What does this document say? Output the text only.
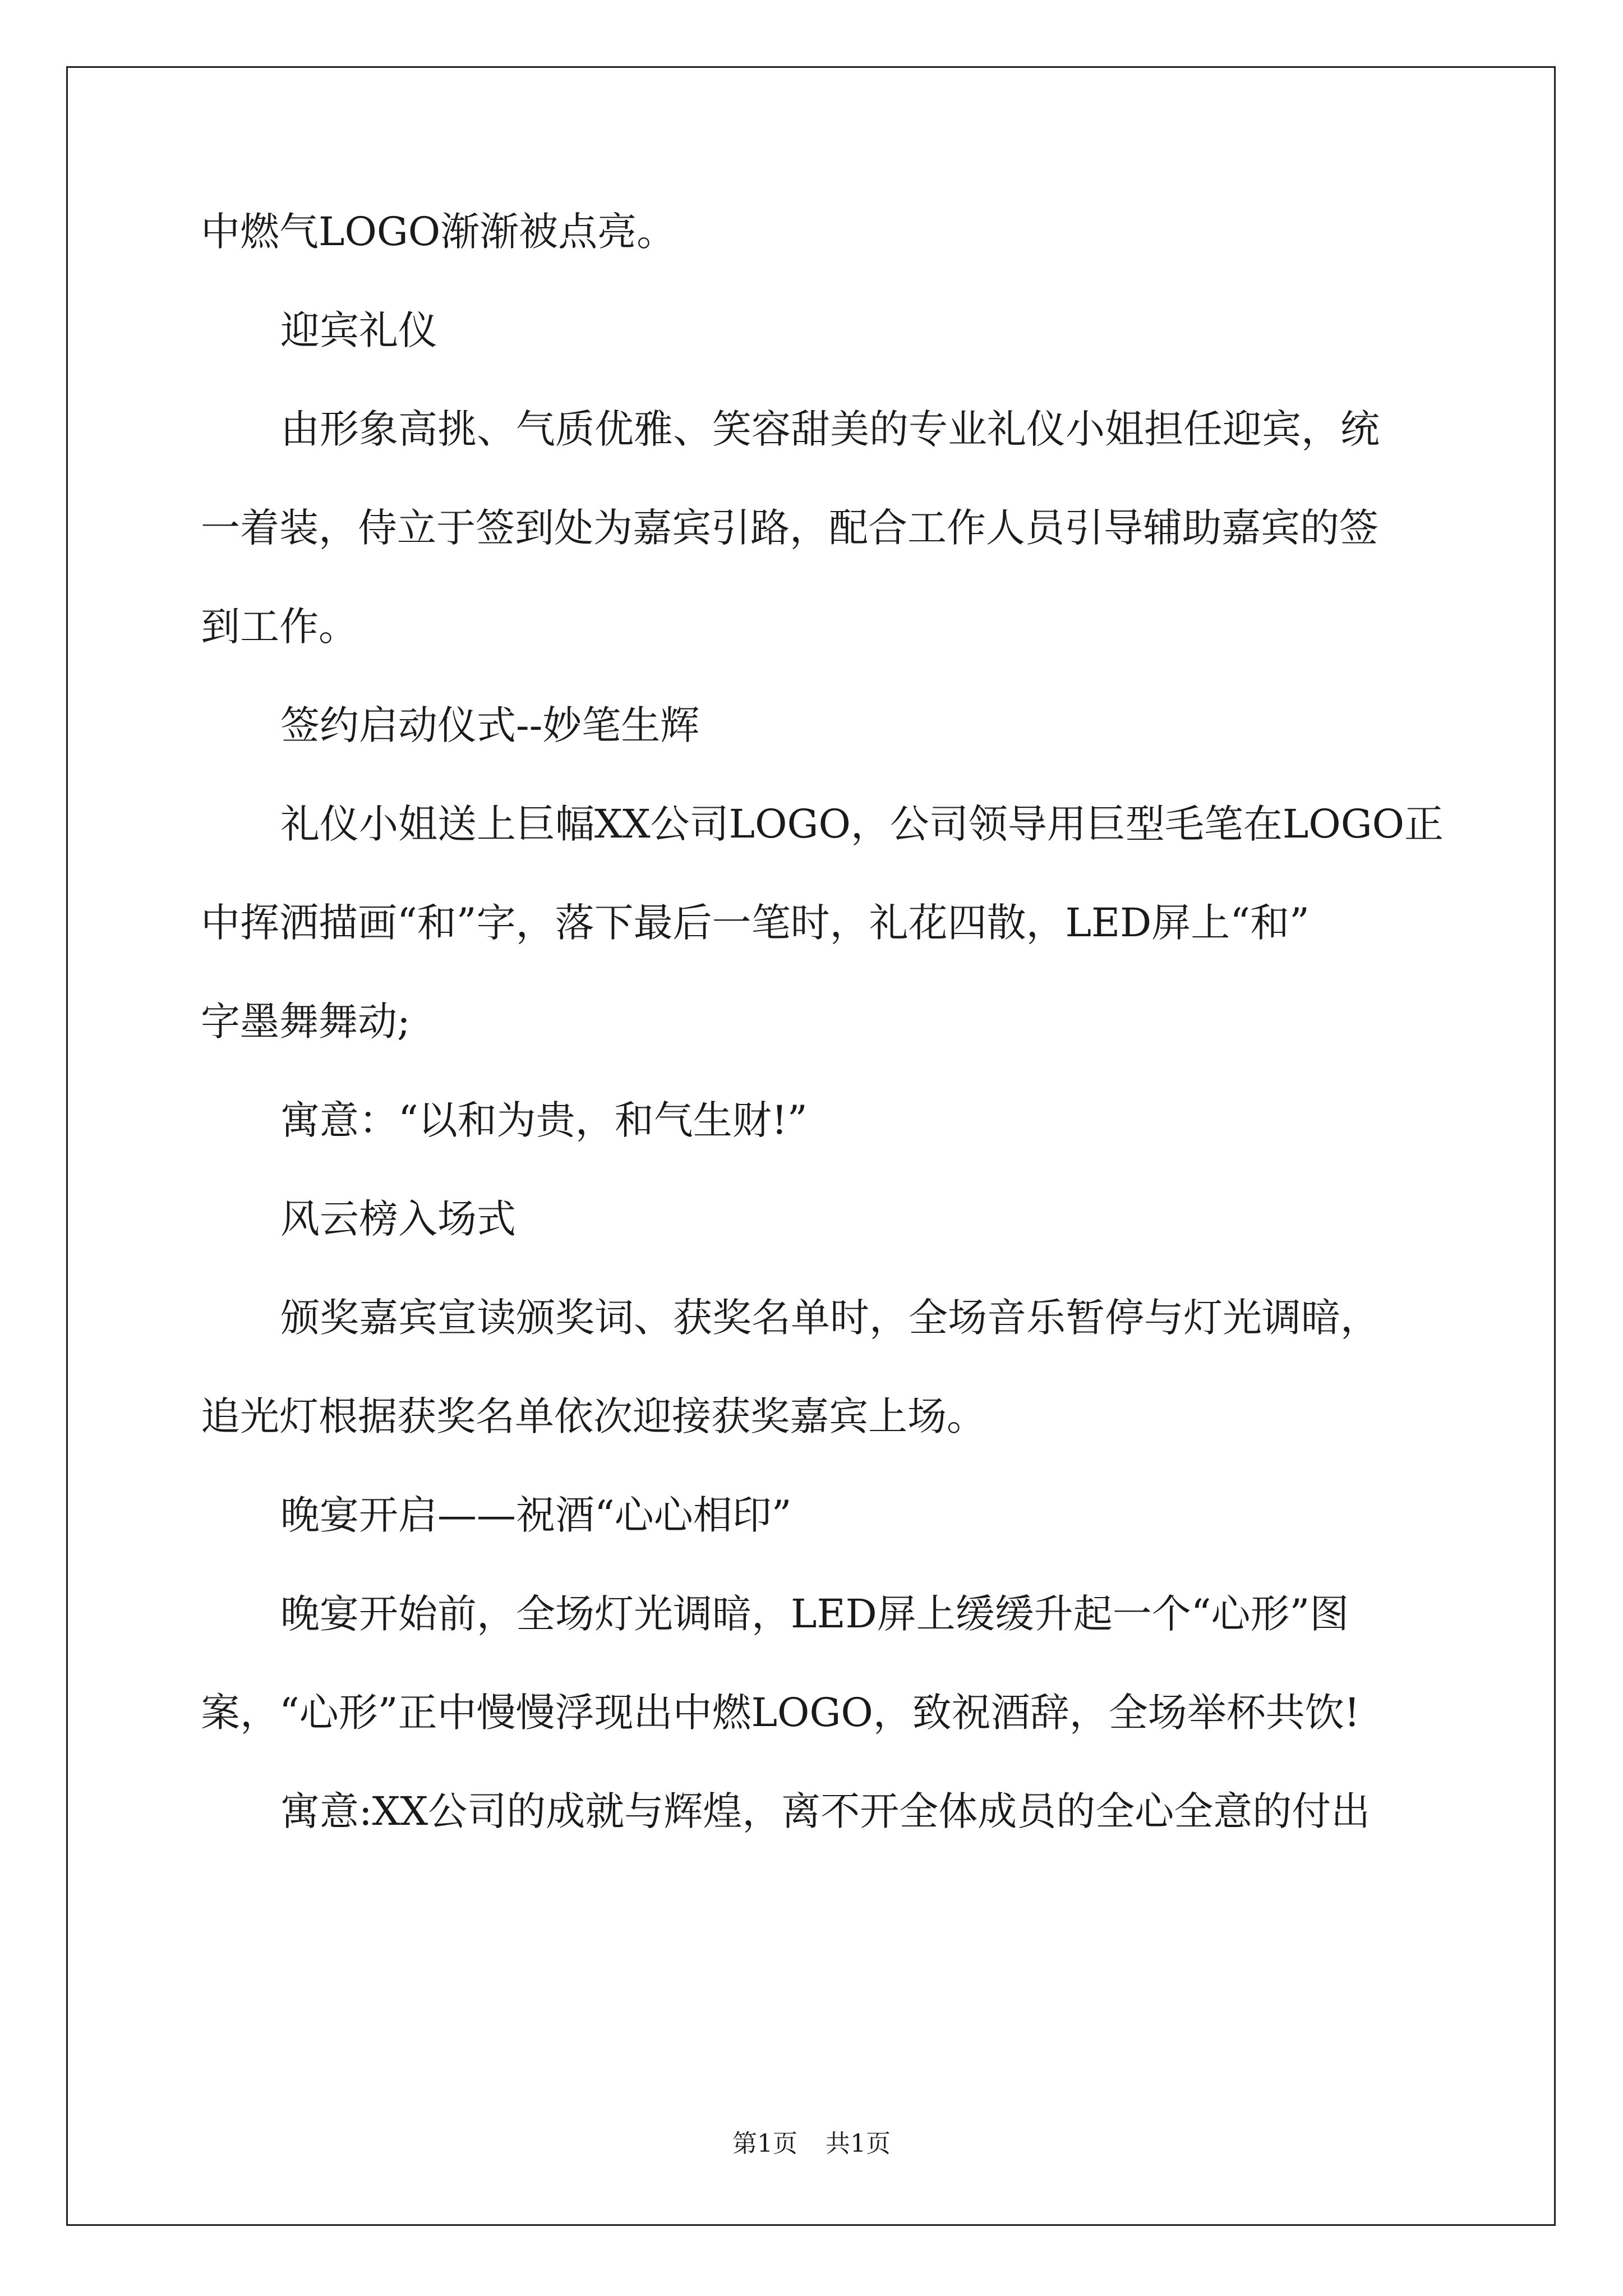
中燃气LOGO渐渐被点亮。
迎宾礼仪
由形象高挑、气质优雅、笑容甜美的专业礼仪小姐担任迎宾，统
一着装，侍立于签到处为嘉宾引路，配合工作人员引导辅助嘉宾的签
到工作。
签约启动仪式--妙笔生辉
礼仪小姐送上巨幅XX公司LOGO，公司领导用巨型毛笔在LOGO正
中挥洒描画“和”字，落下最后一笔时，礼花四散，LED屏上“和”
字墨舞舞动;
寓意：“以和为贵，和气生财!”
风云榜入场式
颁奖嘉宾宣读颁奖词、获奖名单时，全场音乐暂停与灯光调暗，
追光灯根据获奖名单依次迎接获奖嘉宾上场。
晚宴开启——祝酒“心心相印”
晚宴开始前，全场灯光调暗，LED屏上缓缓升起一个“心形”图
案，“心形”正中慢慢浮现出中燃LOGO，致祝酒辞，全场举杯共饮!
寓意:XX公司的成就与辉煌，离不开全体成员的全心全意的付出
第1页 共1页
